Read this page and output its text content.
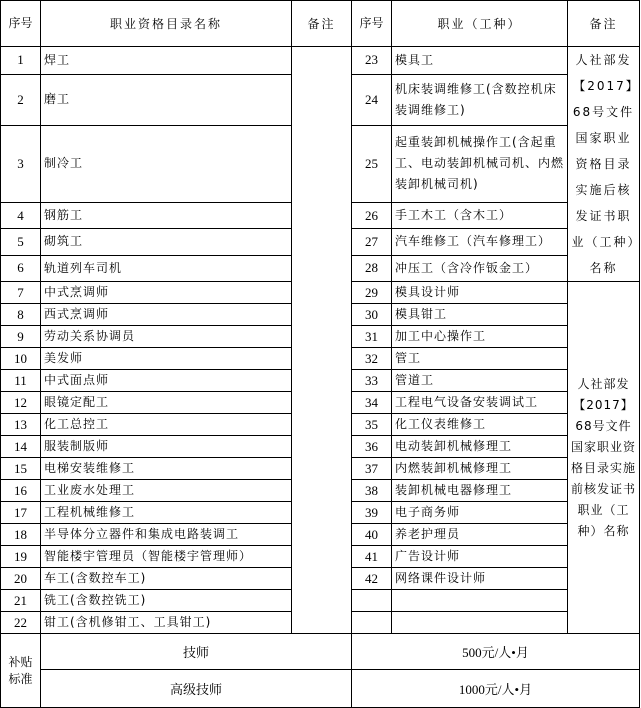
序号	职业资格目录名称	备注	序号	职业（工种）	备注
1	焊工		23	模具工	人社部发【2017】68号文件国家职业资格目录实施后核发证书职业（工种）名称
2	磨工		24	机床装调维修工(含数控机床装调维修工)	
3	制冷工		25	起重装卸机械操作工(含起重工、电动装卸机械司机、内燃装卸机械司机)	
4	钢筋工		26	手工木工（含木工）	
5	砌筑工		27	汽车维修工（汽车修理工）	
6	轨道列车司机		28	冲压工（含冷作钣金工）	
7	中式烹调师		29	模具设计师	人社部发【2017】68号文件国家职业资格目录实施前核发证书职业（工种）名称
8	西式烹调师		30	模具钳工	
9	劳动关系协调员		31	加工中心操作工	
10	美发师		32	管工	
11	中式面点师		33	管道工	
12	眼镜定配工		34	工程电气设备安装调试工	
13	化工总控工		35	化工仪表维修工	
14	服装制版师		36	电动装卸机械修理工	
15	电梯安装维修工		37	内燃装卸机械修理工	
16	工业废水处理工		38	装卸机械电器修理工	
17	工程机械维修工		39	电子商务师	
18	半导体分立器件和集成电路装调工		40	养老护理员	
19	智能楼宇管理员（智能楼宇管理师）		41	广告设计师	
20	车工(含数控车工)		42	网络课件设计师	
21	铣工(含数控铣工)				
22	钳工(含机修钳工、工具钳工)				
补贴标准	技师		500元/人•月		
	高级技师		1000元/人•月		
